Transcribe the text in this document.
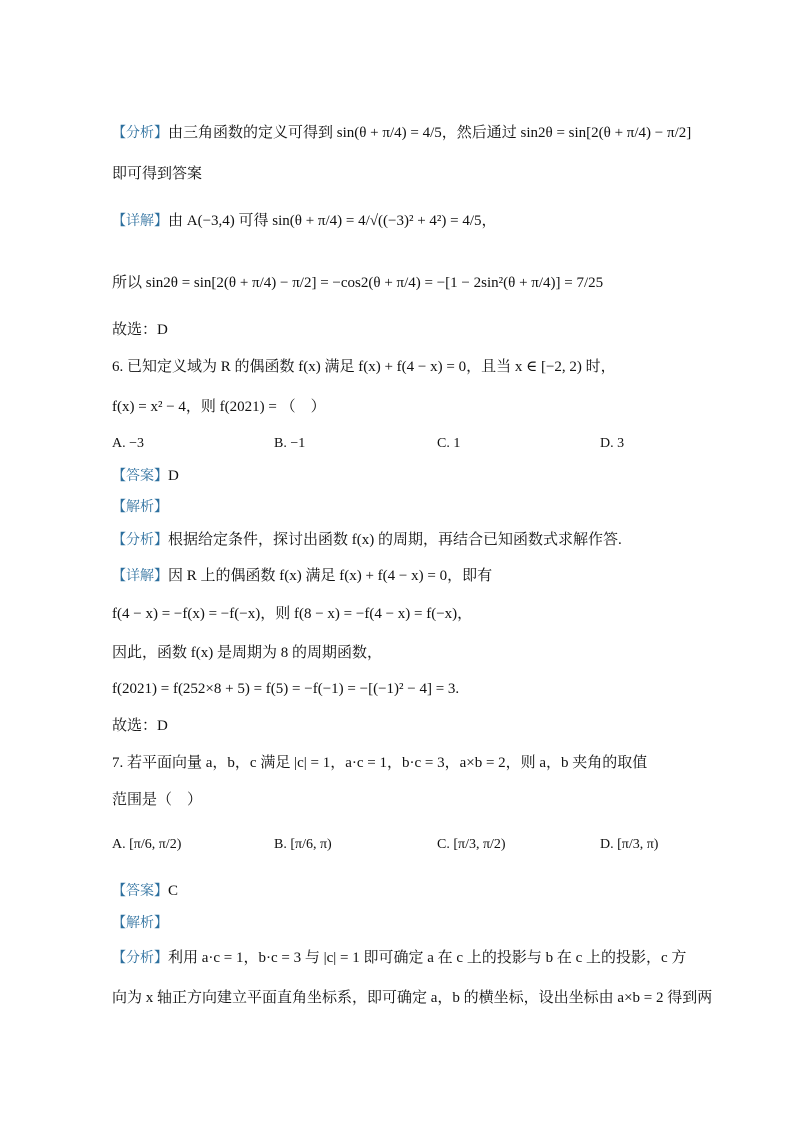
【分析】由三角函数的定义可得到 sin(θ + π/4) = 4/5，然后通过 sin2θ = sin[2(θ + π/4) − π/2]
即可得到答案
【详解】由 A(−3,4) 可得 sin(θ + π/4) = 4/√((−3)² + 4²) = 4/5，
所以 sin2θ = sin[2(θ + π/4) − π/2] = −cos2(θ + π/4) = −[1 − 2sin²(θ + π/4)] = 7/25
故选：D
6. 已知定义域为 R 的偶函数 f(x) 满足 f(x) + f(4 − x) = 0，且当 x ∈ [−2, 2) 时，
f(x) = x² − 4，则 f(2021) = （　）
【答案】D
【解析】
【分析】根据给定条件，探讨出函数 f(x) 的周期，再结合已知函数式求解作答.
【详解】因 R 上的偶函数 f(x) 满足 f(x) + f(4 − x) = 0，即有
f(4 − x) = −f(x) = −f(−x)，则 f(8 − x) = −f(4 − x) = f(−x)，
因此，函数 f(x) 是周期为 8 的周期函数，
f(2021) = f(252×8 + 5) = f(5) = −f(−1) = −[(−1)² − 4] = 3.
故选：D
7. 若平面向量 a，b，c 满足 |c| = 1，a·c = 1，b·c = 3，a×b = 2，则 a，b 夹角的取值
范围是（　）
【答案】C
【解析】
【分析】利用 a·c = 1，b·c = 3 与 |c| = 1 即可确定 a 在 c 上的投影与 b 在 c 上的投影，c 方
向为 x 轴正方向建立平面直角坐标系，即可确定 a，b 的横坐标，设出坐标由 a×b = 2 得到两
A. −3	B. −1	C. 1	D. 3
A. [π/6, π/2)	B. [π/6, π)	C. [π/3, π/2)	D. [π/3, π)
